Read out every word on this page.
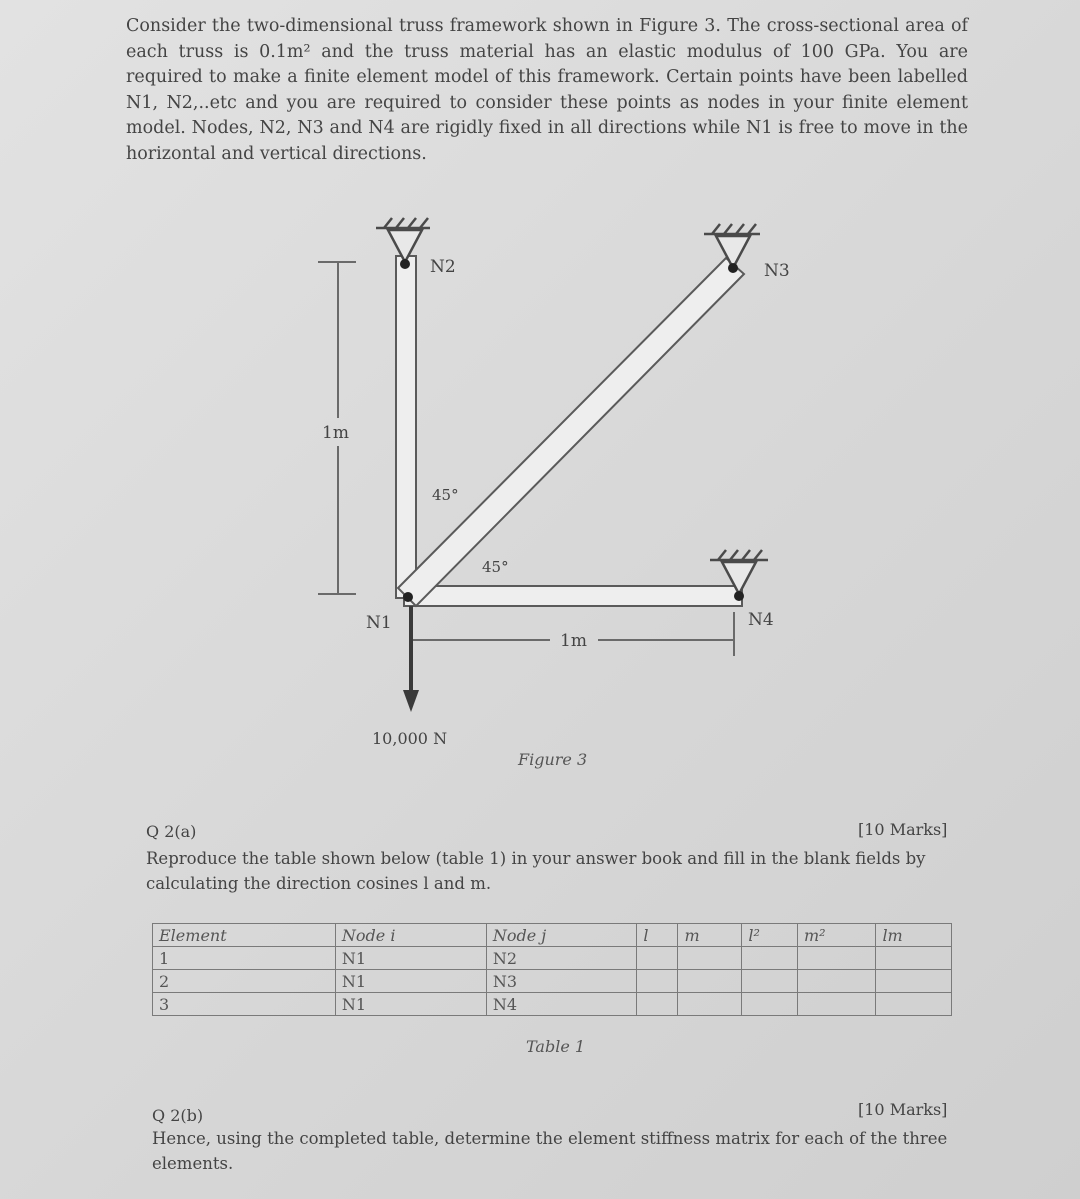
Consider the two-dimensional truss framework shown in Figure 3. The cross-sectional area of each truss is 0.1m² and the truss material has an elastic modulus of 100 GPa. You are required to make a finite element model of this framework. Certain points have been labelled N1, N2,..etc and you are required to consider these points as nodes in your finite element model. Nodes, N2, N3 and N4 are rigidly fixed in all directions while N1 is free to move in the horizontal and vertical directions.
1m
1m
N2	N3
N4
N1
45°
45°
10,000 N
Figure 3
Q 2(a)	[10 Marks]
Reproduce the table shown below (table 1) in your answer book and fill in the blank fields by calculating the direction cosines l and m.
Element	Node i	Node j	l	m	l²	m²	lm
1	N1	N2					
2	N1	N3					
3	N1	N4					
Table 1
Q 2(b)	[10 Marks]
Hence, using the completed table, determine the element stiffness matrix for each of the three elements.
